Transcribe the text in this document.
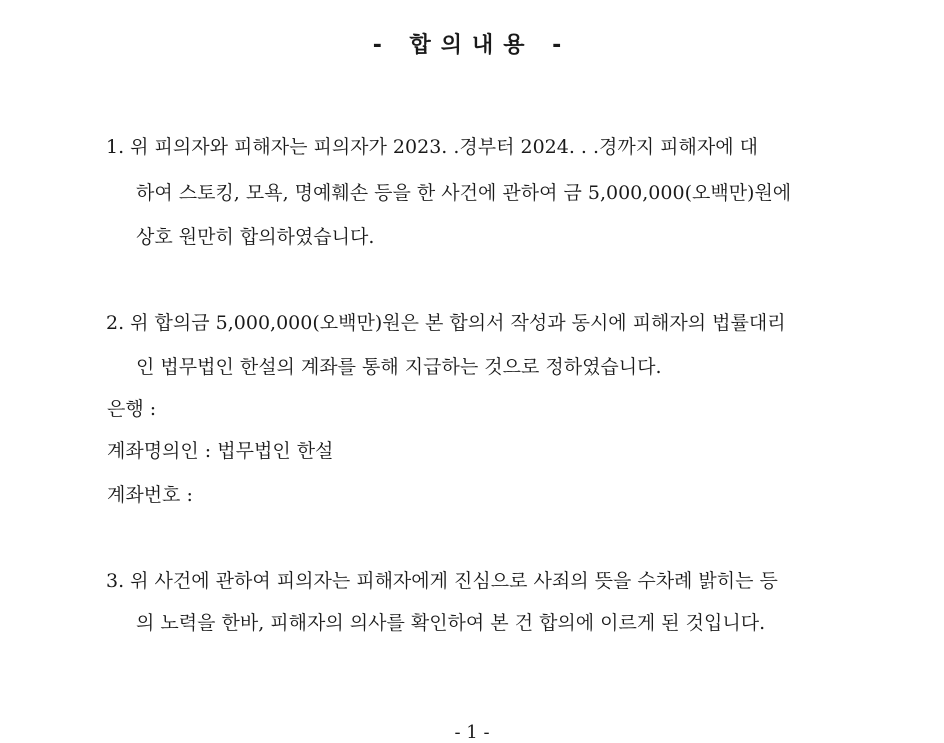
- 합의내용 -
1. 위 피의자와 피해자는 피의자가 2023. .경부터 2024. . .경까지 피해자에 대
하여 스토킹, 모욕, 명예훼손 등을 한 사건에 관하여 금 5,000,000(오백만)원에
상호 원만히 합의하였습니다.
2. 위 합의금 5,000,000(오백만)원은 본 합의서 작성과 동시에 피해자의 법률대리
인 법무법인 한설의 계좌를 통해 지급하는 것으로 정하였습니다.
은행 :
계좌명의인 : 법무법인 한설
계좌번호 :
3. 위 사건에 관하여 피의자는 피해자에게 진심으로 사죄의 뜻을 수차례 밝히는 등
의 노력을 한바, 피해자의 의사를 확인하여 본 건 합의에 이르게 된 것입니다.
- 1 -
